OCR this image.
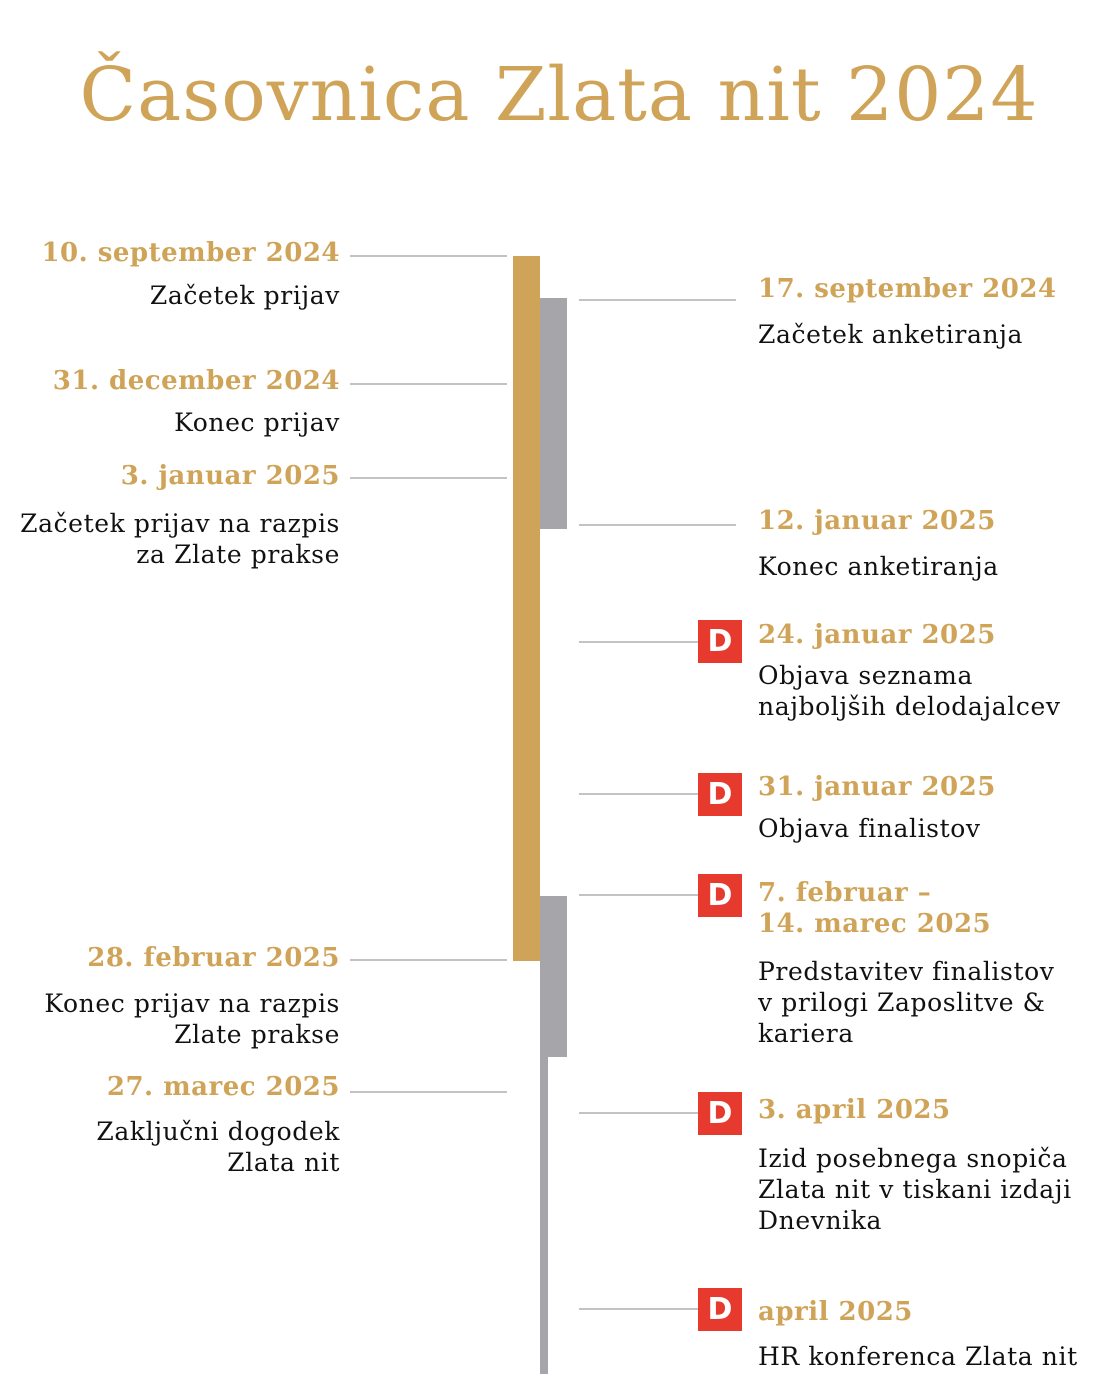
Časovnica Zlata nit 2024
10. september 2024
Začetek prijav
31. december 2024
Konec prijav
3. januar 2025
Začetek prijav na razpis
za Zlate prakse
28. februar 2025
Konec prijav na razpis
Zlate prakse
27. marec 2025
Zaključni dogodek
Zlata nit
17. september 2024
Začetek anketiranja
12. januar 2025
Konec anketiranja
D 24. januar 2025
Objava seznama
najboljših delodajalcev
D 31. januar 2025
Objava finalistov
D 7. februar –
14. marec 2025
Predstavitev finalistov
v prilogi Zaposlitve &
kariera
D 3. april 2025
Izid posebnega snopiča
Zlata nit v tiskani izdaji
Dnevnika
D april 2025
HR konferenca Zlata nit
